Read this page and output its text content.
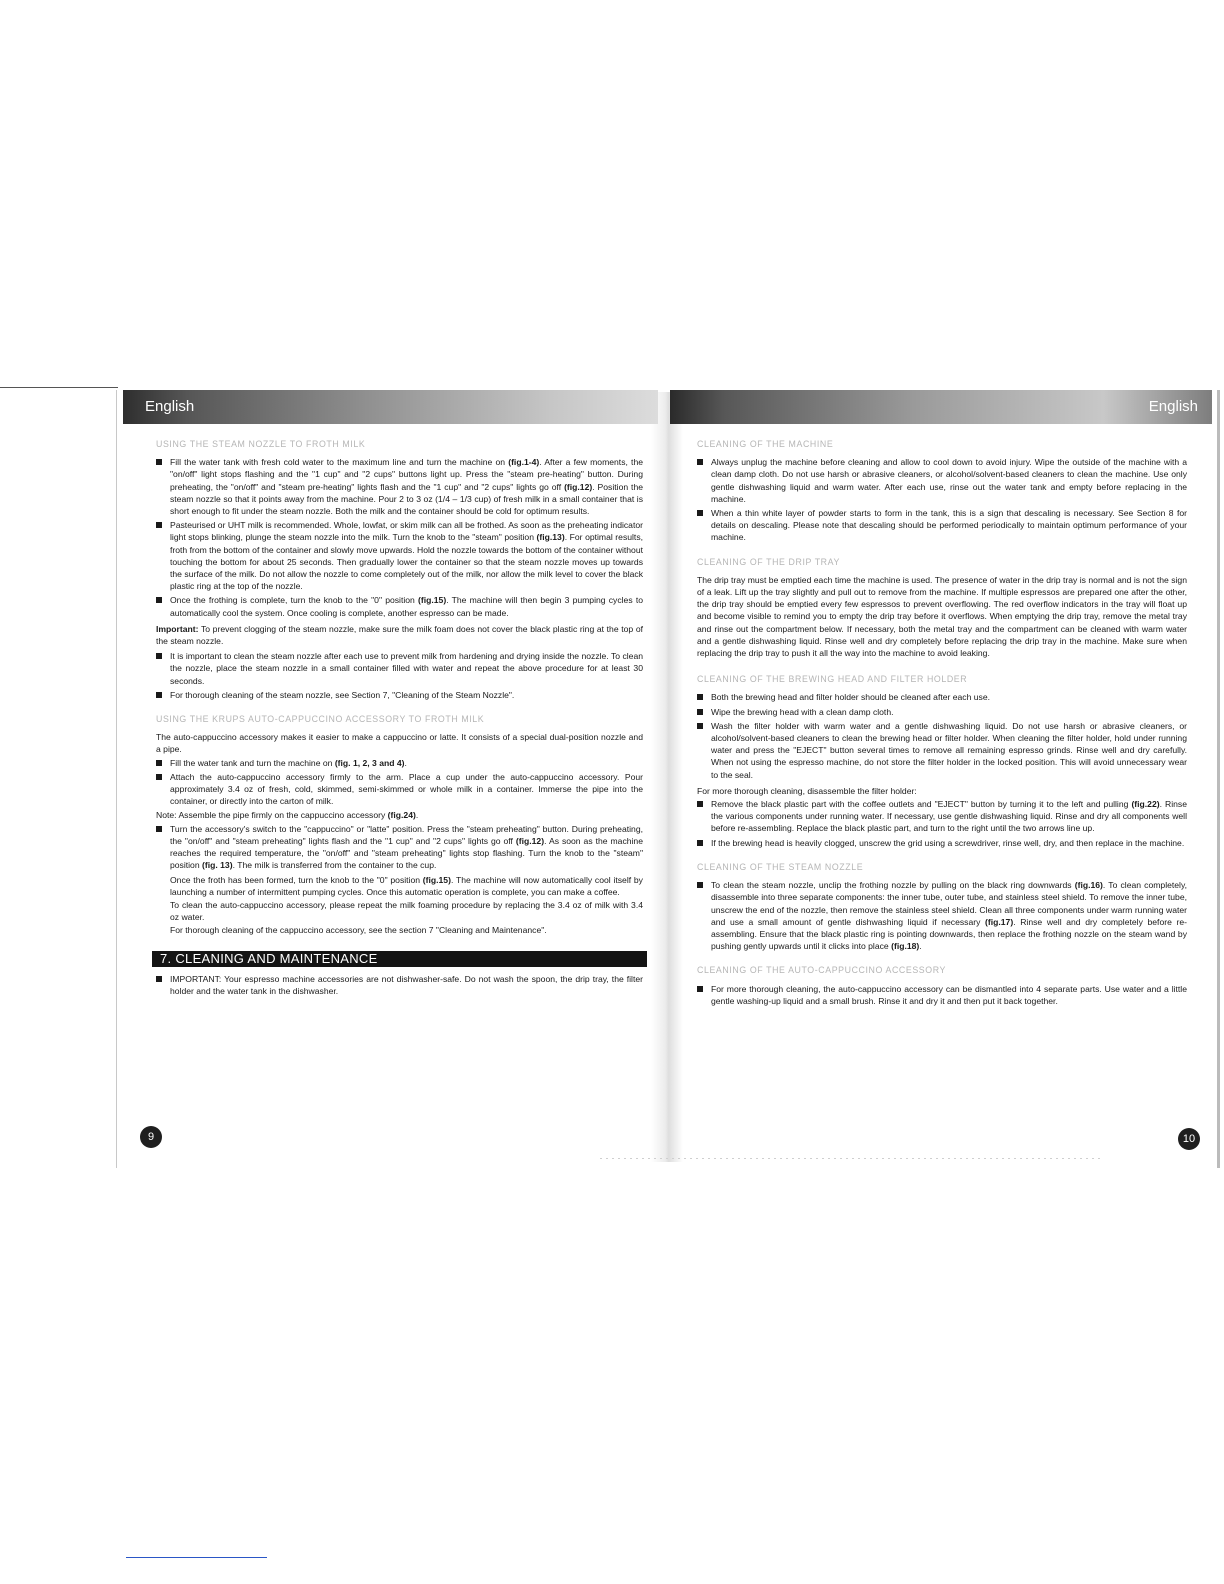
English	English
USING THE STEAM NOZZLE TO FROTH MILK
Fill the water tank with fresh cold water to the maximum line and turn the machine on (fig.1-4). After a few moments, the "on/off" light stops flashing and the "1 cup" and "2 cups" buttons light up. Press the "steam pre-heating" button. During preheating, the "on/off" and "steam pre-heating" lights flash and the "1 cup" and "2 cups" lights go off (fig.12). Position the steam nozzle so that it points away from the machine. Pour 2 to 3 oz (1/4 – 1/3 cup) of fresh milk in a small container that is short enough to fit under the steam nozzle. Both the milk and the container should be cold for optimum results.
Pasteurised or UHT milk is recommended. Whole, lowfat, or skim milk can all be frothed. As soon as the preheating indicator light stops blinking, plunge the steam nozzle into the milk. Turn the knob to the "steam" position (fig.13). For optimal results, froth from the bottom of the container and slowly move upwards. Hold the nozzle towards the bottom of the container without touching the bottom for about 25 seconds. Then gradually lower the container so that the steam nozzle moves up towards the surface of the milk. Do not allow the nozzle to come completely out of the milk, nor allow the milk level to cover the black plastic ring at the top of the nozzle.
Once the frothing is complete, turn the knob to the "0" position (fig.15). The machine will then begin 3 pumping cycles to automatically cool the system. Once cooling is complete, another espresso can be made.

Important: To prevent clogging of the steam nozzle, make sure the milk foam does not cover the black plastic ring at the top of the steam nozzle.

It is important to clean the steam nozzle after each use to prevent milk from hardening and drying inside the nozzle. To clean the nozzle, place the steam nozzle in a small container filled with water and repeat the above procedure for at least 30 seconds.
For thorough cleaning of the steam nozzle, see Section 7, "Cleaning of the Steam Nozzle".
USING THE KRUPS AUTO-CAPPUCCINO ACCESSORY TO FROTH MILK

The auto-cappuccino accessory makes it easier to make a cappuccino or latte. It consists of a special dual-position nozzle and a pipe.

Fill the water tank and turn the machine on (fig. 1, 2, 3 and 4).
Attach the auto-cappuccino accessory firmly to the arm. Place a cup under the auto-cappuccino accessory. Pour approximately 3.4 oz of fresh, cold, skimmed, semi-skimmed or whole milk in a container. Immerse the pipe into the container, or directly into the carton of milk.

Note: Assemble the pipe firmly on the cappuccino accessory (fig.24).

Turn the accessory's switch to the "cappuccino" or "latte" position. Press the "steam preheating" button. During preheating, the "on/off" and "steam preheating" lights flash and the "1 cup" and "2 cups" lights go off (fig.12). As soon as the machine reaches the required temperature, the "on/off" and "steam preheating" lights stop flashing. Turn the knob to the "steam" position (fig. 13). The milk is transferred from the container to the cup.

Once the froth has been formed, turn the knob to the "0" position (fig.15). The machine will now automatically cool itself by launching a number of intermittent pumping cycles. Once this automatic operation is complete, you can make a coffee.

To clean the auto-cappuccino accessory, please repeat the milk foaming procedure by replacing the 3.4 oz of milk with 3.4 oz water.

For thorough cleaning of the cappuccino accessory, see the section 7 "Cleaning and Maintenance".

7. CLEANING AND MAINTENANCE
IMPORTANT: Your espresso machine accessories are not dishwasher-safe. Do not wash the spoon, the drip tray, the filter holder and the water tank in the dishwasher.
CLEANING OF THE MACHINE
Always unplug the machine before cleaning and allow to cool down to avoid injury. Wipe the outside of the machine with a clean damp cloth. Do not use harsh or abrasive cleaners, or alcohol/solvent-based cleaners to clean the machine. Use only gentle dishwashing liquid and warm water. After each use, rinse out the water tank and empty before replacing in the machine.
When a thin white layer of powder starts to form in the tank, this is a sign that descaling is necessary. See Section 8 for details on descaling. Please note that descaling should be performed periodically to maintain optimum performance of your machine.
CLEANING OF THE DRIP TRAY

The drip tray must be emptied each time the machine is used. The presence of water in the drip tray is normal and is not the sign of a leak. Lift up the tray slightly and pull out to remove from the machine. If multiple espressos are prepared one after the other, the drip tray should be emptied every few espressos to prevent overflowing. The red overflow indicators in the tray will float up and become visible to remind you to empty the drip tray before it overflows. When emptying the drip tray, remove the metal tray and rinse out the compartment below. If necessary, both the metal tray and the compartment can be cleaned with warm water and a gentle dishwashing liquid. Rinse well and dry completely before replacing the drip tray in the machine. Make sure when replacing the drip tray to push it all the way into the machine to avoid leaking.

CLEANING OF THE BREWING HEAD AND FILTER HOLDER
Both the brewing head and filter holder should be cleaned after each use.
Wipe the brewing head with a clean damp cloth.
Wash the filter holder with warm water and a gentle dishwashing liquid. Do not use harsh or abrasive cleaners, or alcohol/solvent-based cleaners to clean the brewing head or filter holder. When cleaning the filter holder, hold under running water and press the "EJECT" button several times to remove all remaining espresso grinds. Rinse well and dry carefully. When not using the espresso machine, do not store the filter holder in the locked position. This will avoid unnecessary wear to the seal.

For more thorough cleaning, disassemble the filter holder:

Remove the black plastic part with the coffee outlets and "EJECT" button by turning it to the left and pulling (fig.22). Rinse the various components under running water. If necessary, use gentle dishwashing liquid. Rinse and dry all components well before re-assembling. Replace the black plastic part, and turn to the right until the two arrows line up.
If the brewing head is heavily clogged, unscrew the grid using a screwdriver, rinse well, dry, and then replace in the machine.
CLEANING OF THE STEAM NOZZLE
To clean the steam nozzle, unclip the frothing nozzle by pulling on the black ring downwards (fig.16). To clean completely, disassemble into three separate components: the inner tube, outer tube, and stainless steel shield. To remove the inner tube, unscrew the end of the nozzle, then remove the stainless steel shield. Clean all three components under warm running water and use a small amount of gentle dishwashing liquid if necessary (fig.17). Rinse well and dry completely before re-assembling. Ensure that the black plastic ring is pointing downwards, then replace the frothing nozzle on the steam wand by pushing gently upwards until it clicks into place (fig.18).
CLEANING OF THE AUTO-CAPPUCCINO ACCESSORY
For more thorough cleaning, the auto-cappuccino accessory can be dismantled into 4 separate parts. Use water and a little gentle washing-up liquid and a small brush. Rinse it and dry it and then put it back together.
9	10
